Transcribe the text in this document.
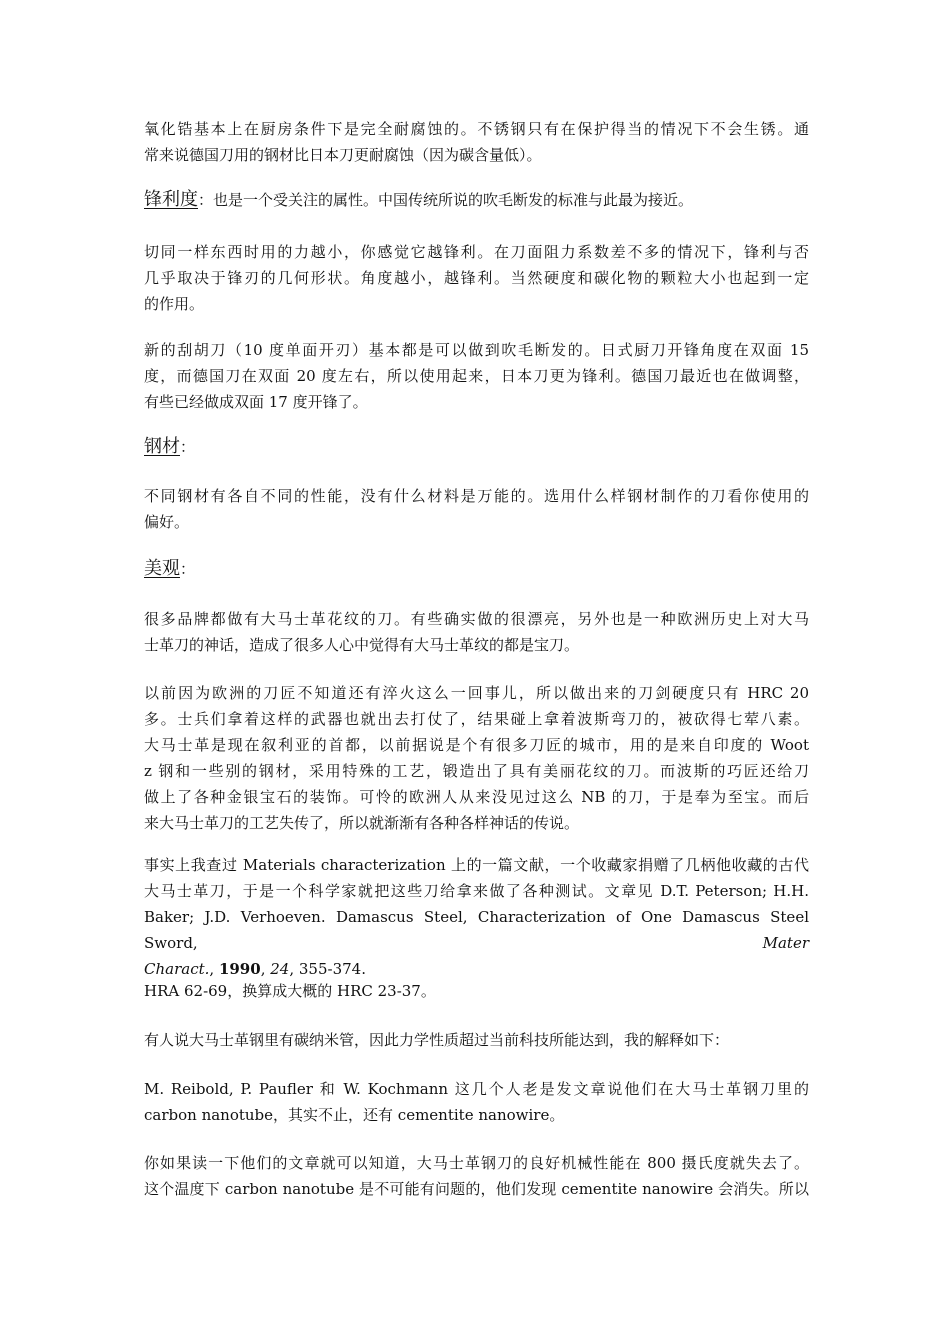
氧化锆基本上在厨房条件下是完全耐腐蚀的。不锈钢只有在保护得当的情况下不会生锈。通

常来说德国刀用的钢材比日本刀更耐腐蚀（因为碳含量低）。

锋利度：也是一个受关注的属性。中国传统所说的吹毛断发的标准与此最为接近。

切同一样东西时用的力越小，你感觉它越锋利。在刀面阻力系数差不多的情况下，锋利与否

几乎取决于锋刃的几何形状。角度越小，越锋利。当然硬度和碳化物的颗粒大小也起到一定

的作用。

新的刮胡刀（10 度单面开刃）基本都是可以做到吹毛断发的。日式厨刀开锋角度在双面 15

度，而德国刀在双面 20 度左右，所以使用起来，日本刀更为锋利。德国刀最近也在做调整，

有些已经做成双面 17 度开锋了。

钢材：

不同钢材有各自不同的性能，没有什么材料是万能的。选用什么样钢材制作的刀看你使用的

偏好。

美观：

很多品牌都做有大马士革花纹的刀。有些确实做的很漂亮，另外也是一种欧洲历史上对大马

士革刀的神话，造成了很多人心中觉得有大马士革纹的都是宝刀。

以前因为欧洲的刀匠不知道还有淬火这么一回事儿，所以做出来的刀剑硬度只有 HRC 20

多。士兵们拿着这样的武器也就出去打仗了，结果碰上拿着波斯弯刀的，被砍得七荤八素。

大马士革是现在叙利亚的首都，以前据说是个有很多刀匠的城市，用的是来自印度的 Woot

z 钢和一些别的钢材，采用特殊的工艺，锻造出了具有美丽花纹的刀。而波斯的巧匠还给刀

做上了各种金银宝石的装饰。可怜的欧洲人从来没见过这么 NB 的刀，于是奉为至宝。而后

来大马士革刀的工艺失传了，所以就渐渐有各种各样神话的传说。

事实上我查过 Materials characterization 上的一篇文献，一个收藏家捐赠了几柄他收藏的古代

大马士革刀，于是一个科学家就把这些刀给拿来做了各种测试。文章见 D.T. Peterson; H.H.

Baker; J.D. Verhoeven. Damascus Steel, Characterization of One Damascus Steel Sword, Mater

Charact., 1990, 24, 355-374.

HRA 62-69，换算成大概的 HRC 23-37。

有人说大马士革钢里有碳纳米管，因此力学性质超过当前科技所能达到，我的解释如下：

M. Reibold, P. Paufler 和 W. Kochmann 这几个人老是发文章说他们在大马士革钢刀里的

carbon nanotube，其实不止，还有 cementite nanowire。

你如果读一下他们的文章就可以知道，大马士革钢刀的良好机械性能在 800 摄氏度就失去了。

这个温度下 carbon nanotube 是不可能有问题的，他们发现 cementite nanowire 会消失。所以
